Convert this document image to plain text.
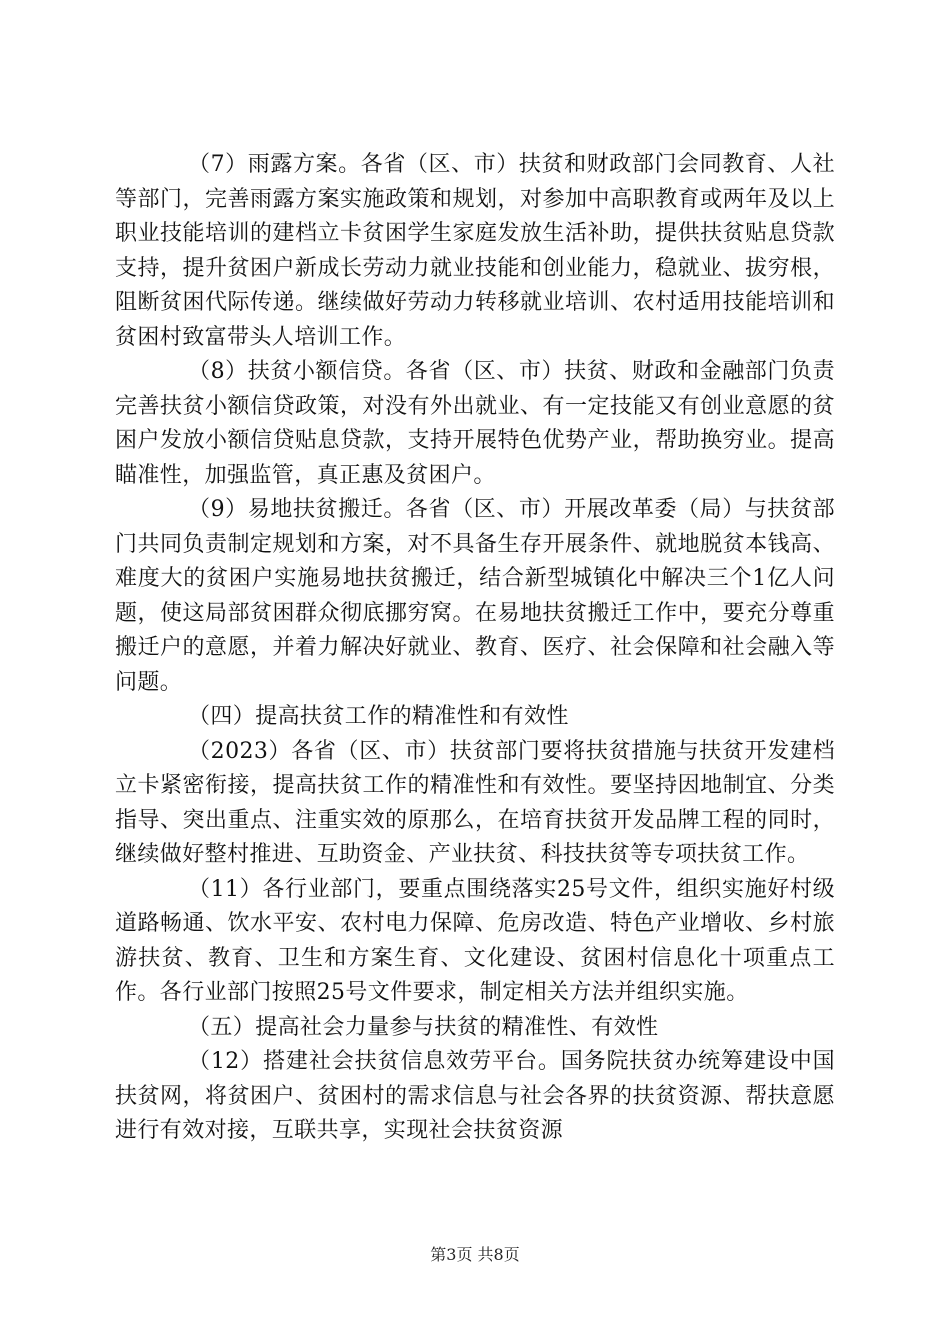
（7）雨露方案。各省（区、市）扶贫和财政部门会同教育、人社等部门，完善雨露方案实施政策和规划，对参加中高职教育或两年及以上职业技能培训的建档立卡贫困学生家庭发放生活补助，提供扶贫贴息贷款支持，提升贫困户新成长劳动力就业技能和创业能力，稳就业、拔穷根，阻断贫困代际传递。继续做好劳动力转移就业培训、农村适用技能培训和贫困村致富带头人培训工作。

（8）扶贫小额信贷。各省（区、市）扶贫、财政和金融部门负责完善扶贫小额信贷政策，对没有外出就业、有一定技能又有创业意愿的贫困户发放小额信贷贴息贷款，支持开展特色优势产业，帮助换穷业。提高瞄准性，加强监管，真正惠及贫困户。

（9）易地扶贫搬迁。各省（区、市）开展改革委（局）与扶贫部门共同负责制定规划和方案，对不具备生存开展条件、就地脱贫本钱高、难度大的贫困户实施易地扶贫搬迁，结合新型城镇化中解决三个1亿人问题，使这局部贫困群众彻底挪穷窝。在易地扶贫搬迁工作中，要充分尊重搬迁户的意愿，并着力解决好就业、教育、医疗、社会保障和社会融入等问题。

（四）提高扶贫工作的精准性和有效性

（2023）各省（区、市）扶贫部门要将扶贫措施与扶贫开发建档立卡紧密衔接，提高扶贫工作的精准性和有效性。要坚持因地制宜、分类指导、突出重点、注重实效的原那么，在培育扶贫开发品牌工程的同时，继续做好整村推进、互助资金、产业扶贫、科技扶贫等专项扶贫工作。

（11）各行业部门，要重点围绕落实25号文件，组织实施好村级道路畅通、饮水平安、农村电力保障、危房改造、特色产业增收、乡村旅游扶贫、教育、卫生和方案生育、文化建设、贫困村信息化十项重点工作。各行业部门按照25号文件要求，制定相关方法并组织实施。

（五）提高社会力量参与扶贫的精准性、有效性

（12）搭建社会扶贫信息效劳平台。国务院扶贫办统筹建设中国扶贫网，将贫困户、贫困村的需求信息与社会各界的扶贫资源、帮扶意愿进行有效对接，互联共享，实现社会扶贫资源

第3页 共8页
